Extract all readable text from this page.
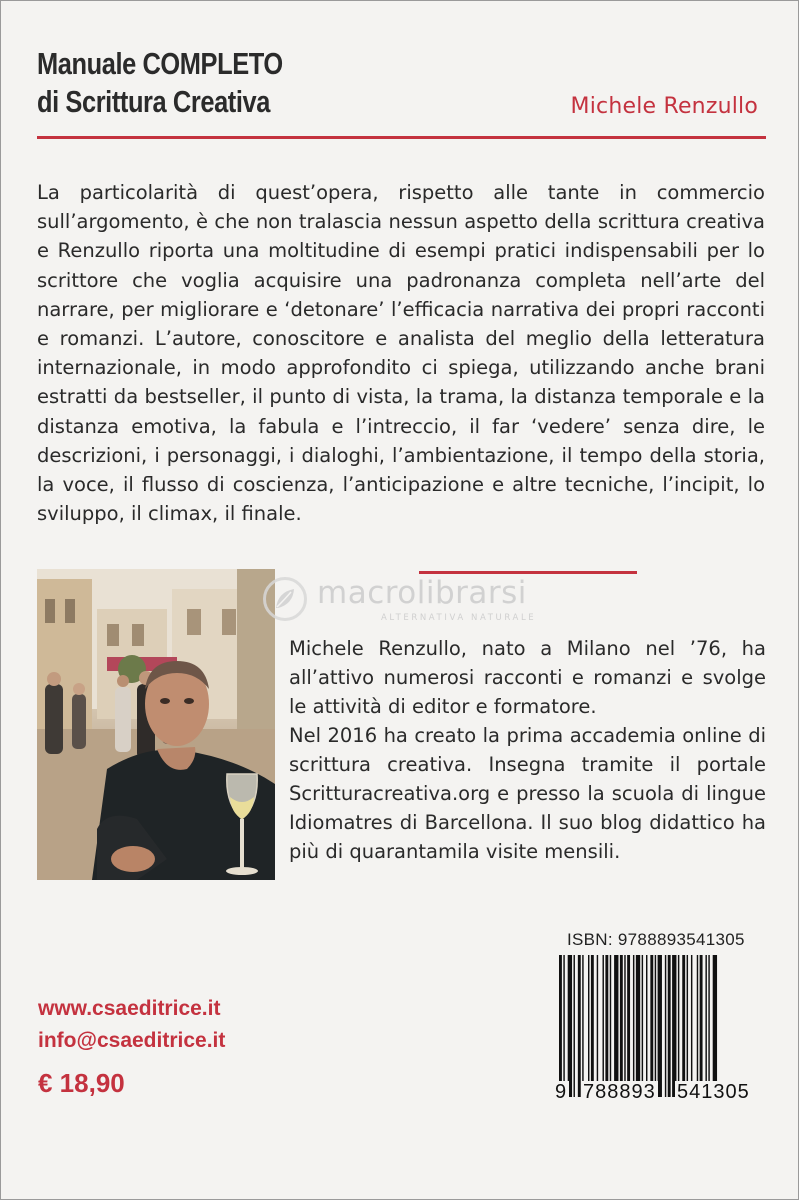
Manuale COMPLETO
di Scrittura Creativa	Michele Renzullo

La particolarità di quest’opera, rispetto alle tante in commercio sull’argomento, è che non tralascia nessun aspetto della scrittura creativa e Renzullo riporta una moltitudine di esempi pratici indispensabili per lo scrittore che voglia acquisire una padronanza completa nell’arte del narrare, per migliorare e ‘detonare’ l’efficacia narrativa dei propri racconti e romanzi. L’autore, conoscitore e analista del meglio della letteratura internazionale, in modo approfondito ci spiega, utilizzando anche brani estratti da bestseller, il punto di vista, la trama, la distanza temporale e la distanza emotiva, la fabula e l’intreccio, il far ‘vedere’ senza dire, le descrizioni, i personaggi, i dialoghi, l’ambientazione, il tempo della storia, la voce, il flusso di coscienza, l’anticipazione e altre tecniche, l’incipit, lo sviluppo, il climax, il finale.

macrolibrarsi
ALTERNATIVA NATURALE

Michele Renzullo, nato a Milano nel ’76, ha all’attivo numerosi racconti e romanzi e svolge le attività di editor e formatore.

Nel 2016 ha creato la prima accademia online di scrittura creativa. Insegna tramite il portale Scritturacreativa.org e presso la scuola di lingue Idiomatres di Barcellona. Il suo blog didattico ha più di quarantamila visite mensili.

ISBN: 9788893541305
9 788893 541305
www.csaeditrice.it
info@csaeditrice.it
€ 18,90
